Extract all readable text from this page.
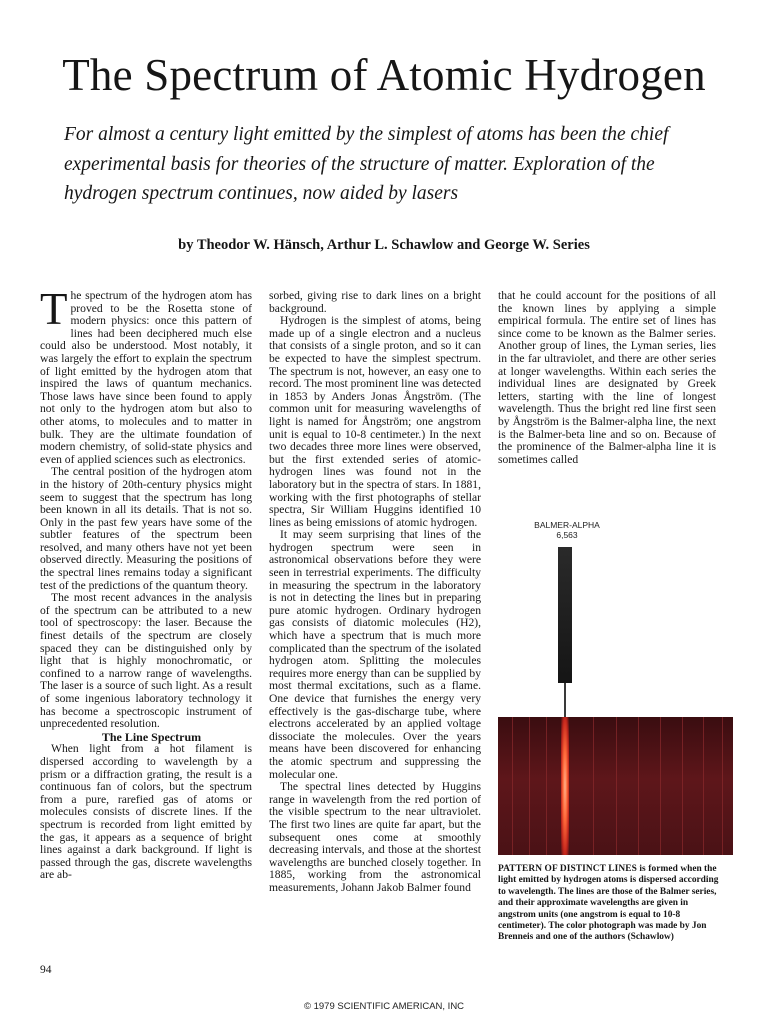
The Spectrum of Atomic Hydrogen

For almost a century light emitted by the simplest of atoms has been the chief experimental basis for theories of the structure of matter. Exploration of the hydrogen spectrum continues, now aided by lasers

by Theodor W. Hänsch, Arthur L. Schawlow and George W. Series

The spectrum of the hydrogen atom has proved to be the Rosetta stone of modern physics: once this pattern of lines had been deciphered much else could also be understood. Most notably, it was largely the effort to explain the spectrum of light emitted by the hydrogen atom that inspired the laws of quantum mechanics. Those laws have since been found to apply not only to the hydrogen atom but also to other atoms, to molecules and to matter in bulk. They are the ultimate foundation of modern chemistry, of solid-state physics and even of applied sciences such as electronics.

The central position of the hydrogen atom in the history of 20th-century physics might seem to suggest that the spectrum has long been known in all its details. That is not so. Only in the past few years have some of the subtler features of the spectrum been resolved, and many others have not yet been observed directly. Measuring the positions of the spectral lines remains today a significant test of the predictions of the quantum theory.

The most recent advances in the analysis of the spectrum can be attributed to a new tool of spectroscopy: the laser. Because the finest details of the spectrum are closely spaced they can be distinguished only by light that is highly monochromatic, or confined to a narrow range of wavelengths. The laser is a source of such light. As a result of some ingenious laboratory technology it has become a spectroscopic instrument of unprecedented resolution.

The Line Spectrum

When light from a hot filament is dispersed according to wavelength by a prism or a diffraction grating, the result is a continuous fan of colors, but the spectrum from a pure, rarefied gas of atoms or molecules consists of discrete lines. If the spectrum is recorded from light emitted by the gas, it appears as a sequence of bright lines against a dark background. If light is passed through the gas, discrete wavelengths are ab-

sorbed, giving rise to dark lines on a bright background.

Hydrogen is the simplest of atoms, being made up of a single electron and a nucleus that consists of a single proton, and so it can be expected to have the simplest spectrum. The spectrum is not, however, an easy one to record. The most prominent line was detected in 1853 by Anders Jonas Ångström. (The common unit for measuring wavelengths of light is named for Ångström; one angstrom unit is equal to 10-8 centimeter.) In the next two decades three more lines were observed, but the first extended series of atomic-hydrogen lines was found not in the laboratory but in the spectra of stars. In 1881, working with the first photographs of stellar spectra, Sir William Huggins identified 10 lines as being emissions of atomic hydrogen.

It may seem surprising that lines of the hydrogen spectrum were seen in astronomical observations before they were seen in terrestrial experiments. The difficulty in measuring the spectrum in the laboratory is not in detecting the lines but in preparing pure atomic hydrogen. Ordinary hydrogen gas consists of diatomic molecules (H2), which have a spectrum that is much more complicated than the spectrum of the isolated hydrogen atom. Splitting the molecules requires more energy than can be supplied by most thermal excitations, such as a flame. One device that furnishes the energy very effectively is the gas-discharge tube, where electrons accelerated by an applied voltage dissociate the molecules. Over the years means have been discovered for enhancing the atomic spectrum and suppressing the molecular one.

The spectral lines detected by Huggins range in wavelength from the red portion of the visible spectrum to the near ultraviolet. The first two lines are quite far apart, but the subsequent ones come at smoothly decreasing intervals, and those at the shortest wavelengths are bunched closely together. In 1885, working from the astronomical measurements, Johann Jakob Balmer found

that he could account for the positions of all the known lines by applying a simple empirical formula. The entire set of lines has since come to be known as the Balmer series. Another group of lines, the Lyman series, lies in the far ultraviolet, and there are other series at longer wavelengths. Within each series the individual lines are designated by Greek letters, starting with the line of longest wavelength. Thus the bright red line first seen by Ångström is the Balmer-alpha line, the next is the Balmer-beta line and so on. Because of the prominence of the Balmer-alpha line it is sometimes called

BALMER-ALPHA
6,563
PATTERN OF DISTINCT LINES is formed when the light emitted by hydrogen atoms is dispersed according to wavelength. The lines are those of the Balmer series, and their approximate wavelengths are given in angstrom units (one angstrom is equal to 10-8 centimeter). The color photograph was made by Jon Brenneis and one of the authors (Schawlow)
94
© 1979 SCIENTIFIC AMERICAN, INC
